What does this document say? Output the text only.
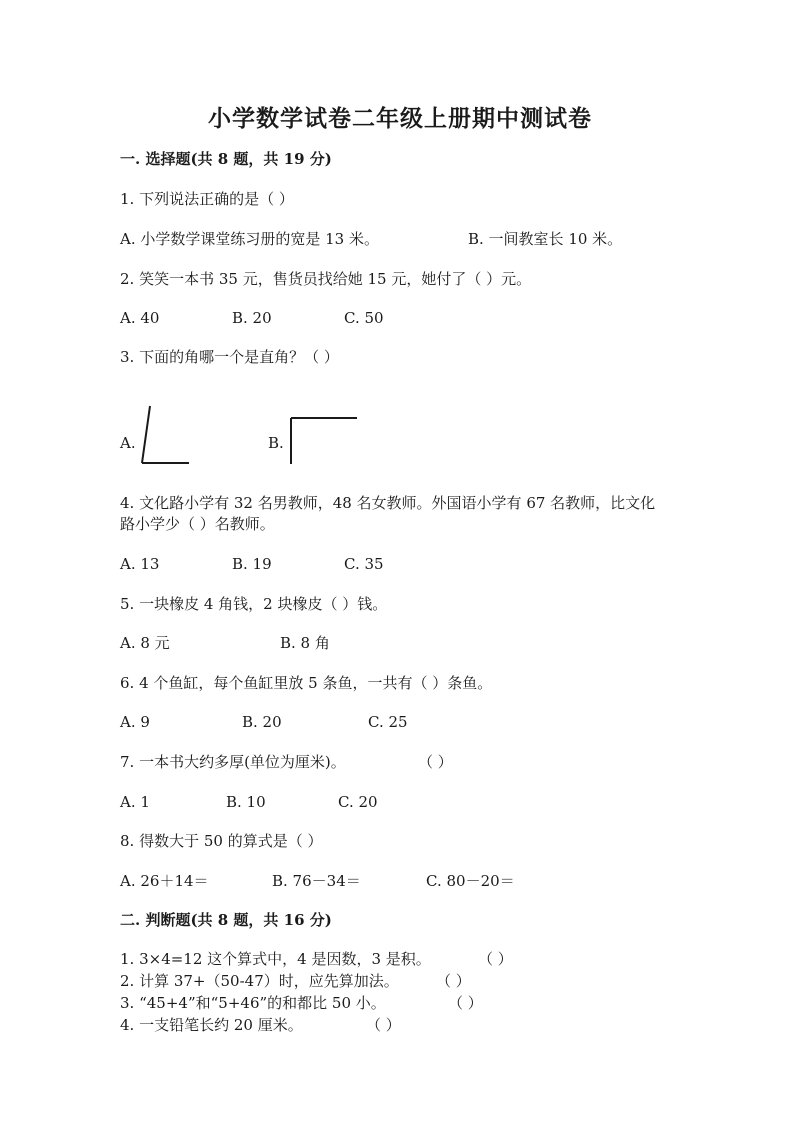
小学数学试卷二年级上册期中测试卷
一. 选择题(共 8 题，共 19 分)
1. 下列说法正确的是（ ）
A. 小学数学课堂练习册的宽是 13 米。	B. 一间教室长 10 米。
2. 笑笑一本书 35 元，售货员找给她 15 元，她付了（ ）元。
A. 40	B. 20	C. 50
3. 下面的角哪一个是直角？（ ）
A.	B.
4. 文化路小学有 32 名男教师，48 名女教师。外国语小学有 67 名教师，比文化
路小学少（ ）名教师。
A. 13	B. 19	C. 35
5. 一块橡皮 4 角钱，2 块橡皮（ ）钱。
A. 8 元	B. 8 角
6. 4 个鱼缸，每个鱼缸里放 5 条鱼，一共有（ ）条鱼。
A. 9	B. 20	C. 25
7. 一本书大约多厚(单位为厘米)。	（ ）
A. 1	B. 10	C. 20
8. 得数大于 50 的算式是（ ）
A. 26＋14＝	B. 76－34＝	C. 80－20＝
二. 判断题(共 8 题，共 16 分)
1. 3×4=12 这个算式中，4 是因数，3 是积。	（ ）
2. 计算 37+（50-47）时，应先算加法。 （ ）
3. “45+4”和“5+46”的和都比 50 小。	（ ）
4. 一支铅笔长约 20 厘米。	（ ）
